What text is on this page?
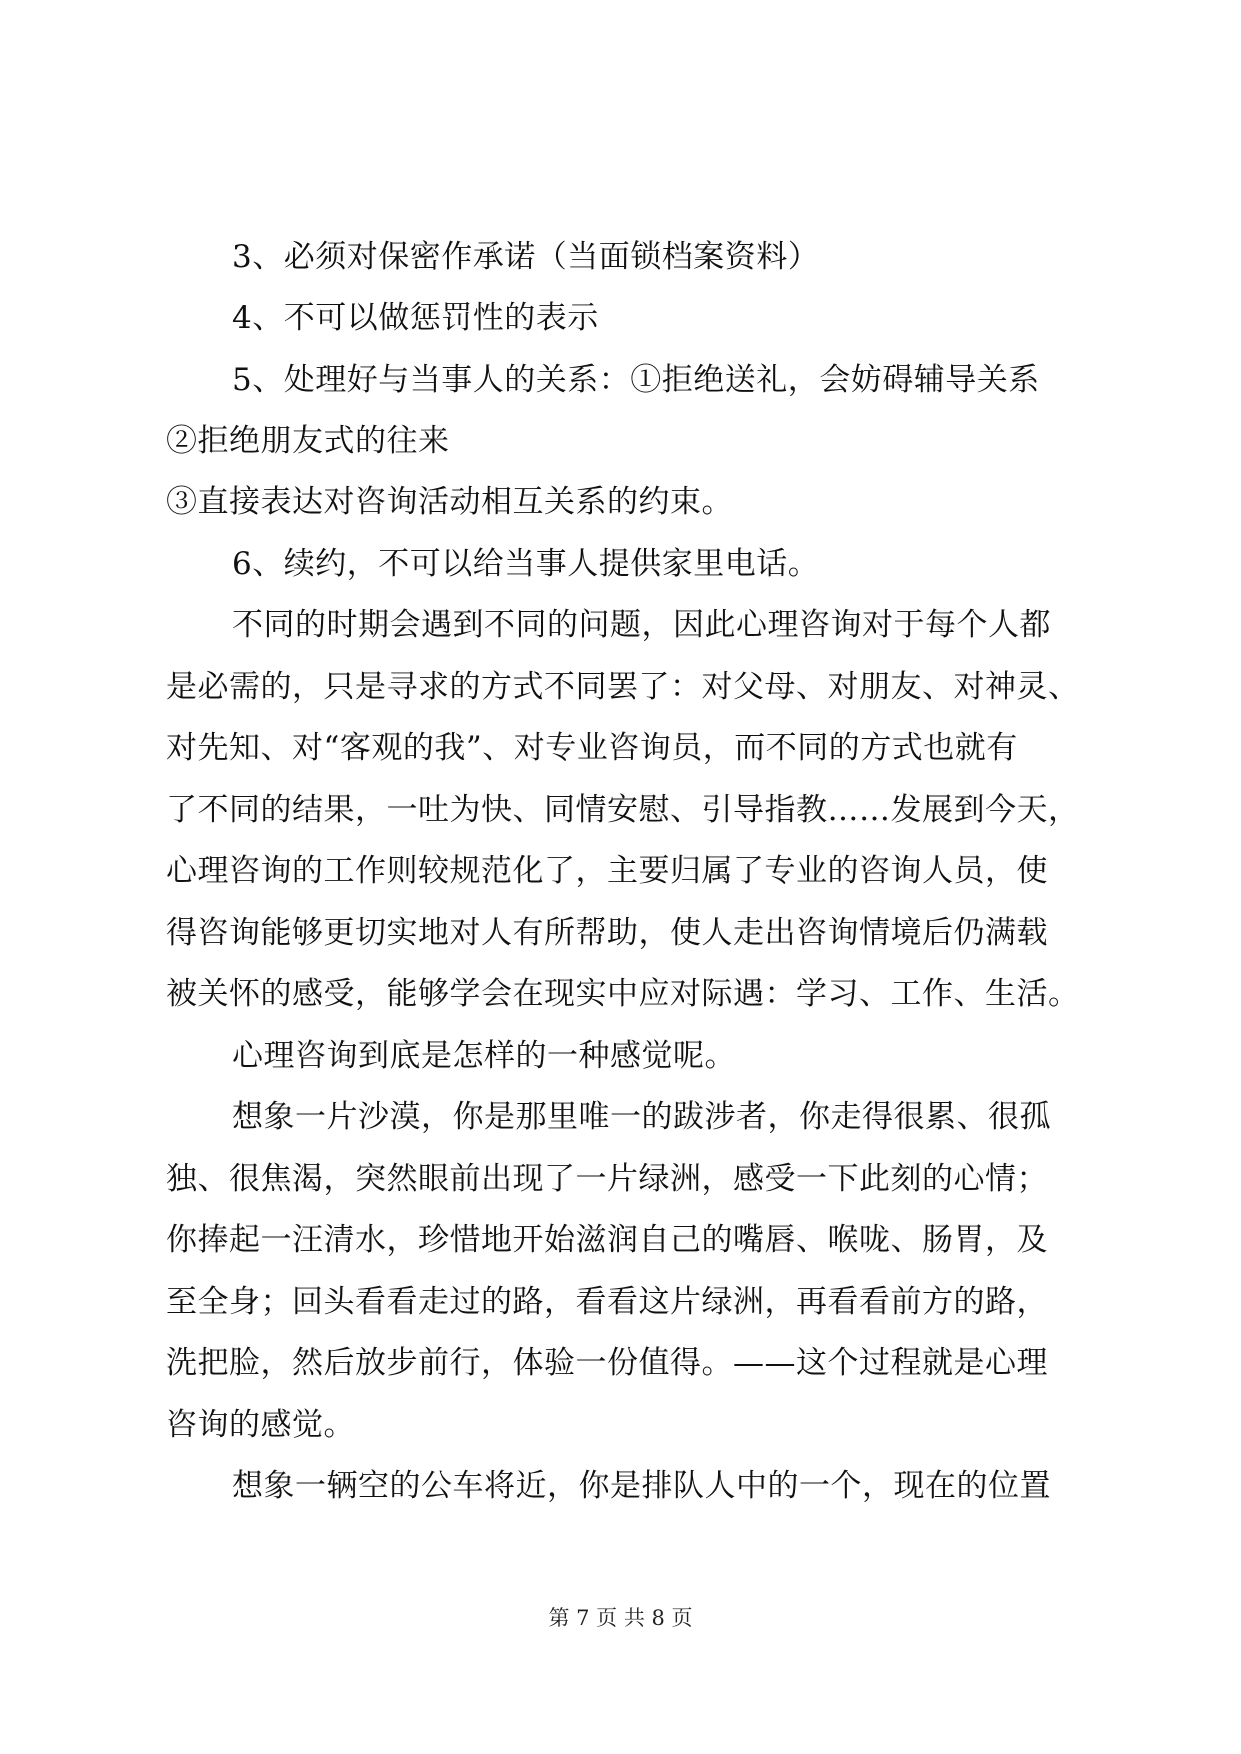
3、必须对保密作承诺（当面锁档案资料）
4、不可以做惩罚性的表示
5、处理好与当事人的关系：①拒绝送礼，会妨碍辅导关系
②拒绝朋友式的往来
③直接表达对咨询活动相互关系的约束。
6、续约，不可以给当事人提供家里电话。
不同的时期会遇到不同的问题，因此心理咨询对于每个人都
是必需的，只是寻求的方式不同罢了：对父母、对朋友、对神灵、
对先知、对“客观的我”、对专业咨询员，而不同的方式也就有
了不同的结果，一吐为快、同情安慰、引导指教……发展到今天，
心理咨询的工作则较规范化了，主要归属了专业的咨询人员，使
得咨询能够更切实地对人有所帮助，使人走出咨询情境后仍满载
被关怀的感受，能够学会在现实中应对际遇：学习、工作、生活。
心理咨询到底是怎样的一种感觉呢。
想象一片沙漠，你是那里唯一的跋涉者，你走得很累、很孤
独、很焦渴，突然眼前出现了一片绿洲，感受一下此刻的心情；
你捧起一汪清水，珍惜地开始滋润自己的嘴唇、喉咙、肠胃，及
至全身；回头看看走过的路，看看这片绿洲，再看看前方的路，
洗把脸，然后放步前行，体验一份值得。——这个过程就是心理
咨询的感觉。
想象一辆空的公车将近，你是排队人中的一个，现在的位置
第 7 页 共 8 页
